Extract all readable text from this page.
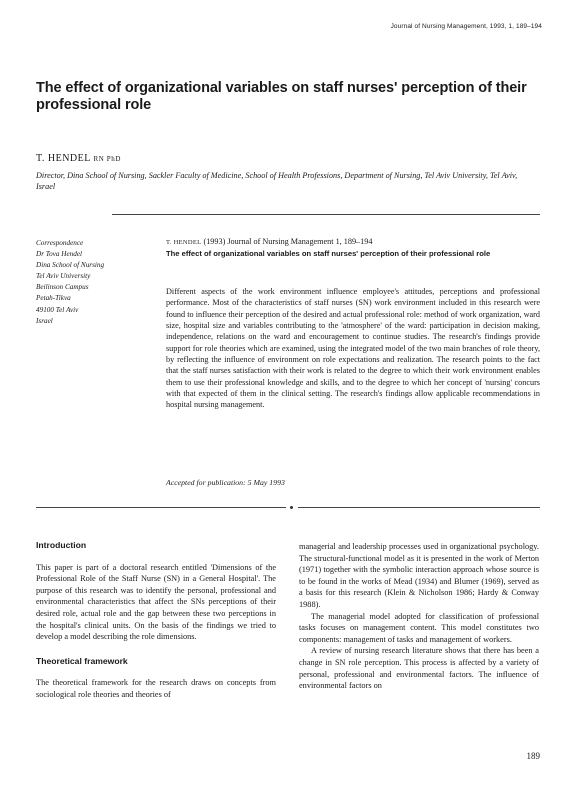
Journal of Nursing Management, 1993, 1, 189–194
The effect of organizational variables on staff nurses' perception of their professional role
T. HENDEL RN PhD
Director, Dina School of Nursing, Sackler Faculty of Medicine, School of Health Professions, Department of Nursing, Tel Aviv University, Tel Aviv, Israel
Correspondence
Dr Tova Hendel
Dina School of Nursing
Tel Aviv University
Beilinson Campus
Petah-Tikva
49100 Tel Aviv
Israel
T. HENDEL (1993) Journal of Nursing Management 1, 189–194
The effect of organizational variables on staff nurses' perception of their professional role
Different aspects of the work environment influence employee's attitudes, perceptions and professional performance. Most of the characteristics of staff nurses (SN) work environment included in this research were found to influence their perception of the desired and actual professional role: method of work organization, ward size, hospital size and variables contributing to the 'atmosphere' of the ward: participation in decision making, independence, relations on the ward and encouragement to continue studies. The research's findings provide support for role theories which are examined, using the integrated model of the two main branches of role theory, by reflecting the influence of environment on role expectations and realization. The research points to the fact that the staff nurses satisfaction with their work is related to the degree to which their work environment enables them to use their professional knowledge and skills, and to the degree to which her concept of 'nursing' concurs with that expected of them in the clinical setting. The research's findings allow applicable recommendations in hospital nursing management.
Accepted for publication: 5 May 1993
Introduction

This paper is part of a doctoral research entitled 'Dimensions of the Professional Role of the Staff Nurse (SN) in a General Hospital'. The purpose of this research was to identify the personal, professional and environmental characteristics that affect the SNs perceptions of their desired role, actual role and the gap between these two perceptions in the hospital's clinical units. On the basis of the findings we tried to develop a model describing the role dimensions.

Theoretical framework

The theoretical framework for the research draws on concepts from sociological role theories and theories of

managerial and leadership processes used in organizational psychology. The structural-functional model as it is presented in the work of Merton (1971) together with the symbolic interaction approach whose source is to be found in the works of Mead (1934) and Blumer (1969), served as a basis for this research (Klein & Nicholson 1986; Hardy & Conway 1988).

The managerial model adopted for classification of professional tasks focuses on management content. This model constitutes two components: management of tasks and management of workers.

A review of nursing research literature shows that there has been a change in SN role perception. This process is affected by a variety of personal, professional and environmental factors. The influence of environmental factors on

189
